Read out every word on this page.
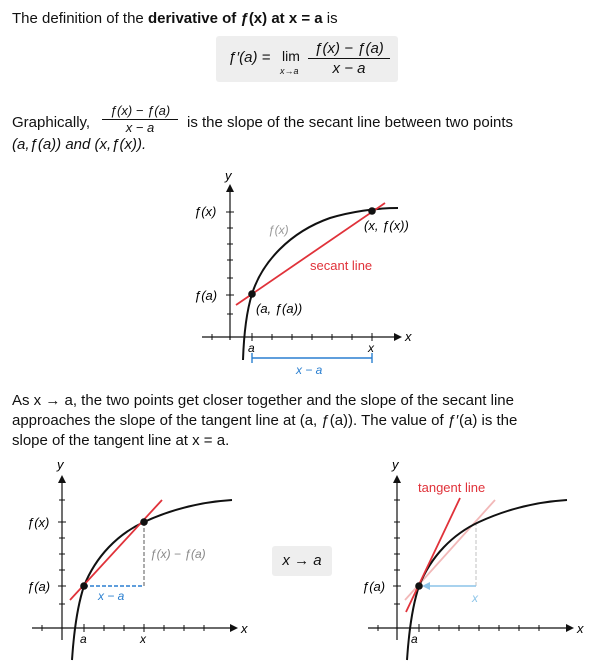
The definition of the derivative of ƒ(x) at x = a is

ƒ′(a) = lim
$x\to a \frac{ƒ(x) - ƒ(a)}{x - a}$

Graphically, $\frac{ƒ(x) - ƒ(a)}{x - a}$ is the slope of the secant line between two points

(a,ƒ(a)) and (x,ƒ(x)).

y
x
ƒ(x)
ƒ(a)
ƒ(x)	(x, ƒ(x))
(a, ƒ(a))
secant line
a	x
x − a

As x → a, the two points get closer together and the slope of the secant line

approaches the slope of the tangent line at (a, ƒ(a)). The value of ƒ′(a) is the

slope of the tangent line at x = a.

y
x
ƒ(x)
ƒ(a)
ƒ(x) − ƒ(a)
x − a
a	x
x → a
y
x
ƒ(a)
tangent line
a
x
